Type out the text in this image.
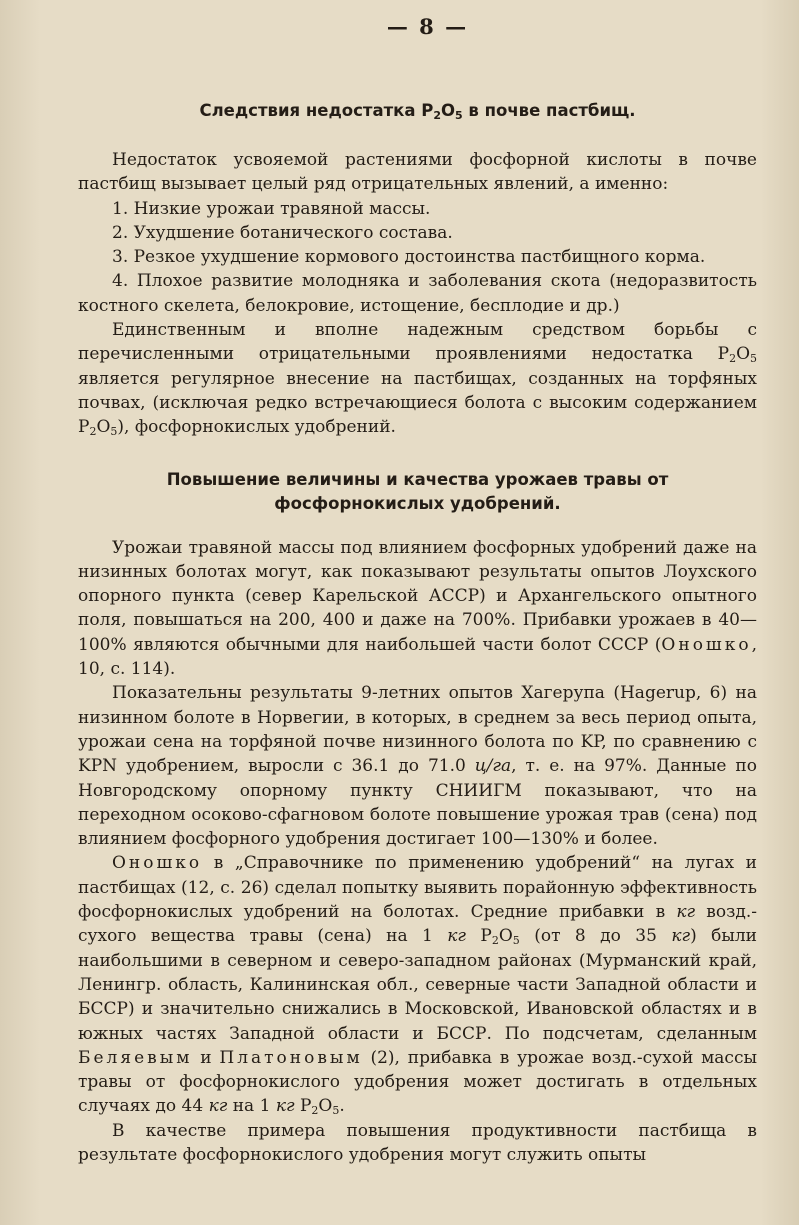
— 8 —
Следствия недостатка $P_2O_5$ в почве пастбищ.

Недостаток усвояемой растениями фосфорной кислоты в почве пастбищ вызывает целый ряд отрицательных явлений, а именно:

1. Низкие урожаи травяной массы.

2. Ухудшение ботанического состава.

3. Резкое ухудшение кормового достоинства пастбищного корма.

4. Плохое развитие молодняка и заболевания скота (недоразвитость костного скелета, белокровие, истощение, бесплодие и др.)

Единственным и вполне надежным средством борьбы с перечисленными отрицательными проявлениями недостатка $P_2O_5$ является регулярное внесение на пастбищах, созданных на торфяных почвах, (исключая редко встречающиеся болота с высоким содержанием $P_2O_5$), фосфорнокислых удобрений.

Повышение величины и качества урожаев травы от
фосфорнокислых удобрений.

Урожаи травяной массы под влиянием фосфорных удобрений даже на низинных болотах могут, как показывают результаты опытов Лоухского опорного пункта (север Карельской АССР) и Архангельского опытного поля, повышаться на 200, 400 и даже на 700%. Прибавки урожаев в 40—100% являются обычными для наибольшей части болот СССР (Онoшко, 10, с. 114).

Показательны результаты 9-летних опытов Хагерупа (Hagerup, 6) на низинном болоте в Норвегии, в которых, в среднем за весь период опыта, урожаи сена на торфяной почве низинного болота по KP, по сравнению с KPN удобрением, выросли с 36.1 до 71.0 ц/га, т. е. на 97%. Данные по Новгородскому опорному пункту СНИИГМ показывают, что на переходном осоково-сфагновом болоте повышение урожая трав (сена) под влиянием фосфорного удобрения достигает 100—130% и более.

Онoшко в „Справочнике по применению удобрений“ на лугах и пастбищах (12, с. 26) сделал попытку выявить порайонную эффективность фосфорнокислых удобрений на болотах. Средние прибавки в кг возд.-сухого вещества травы (сена) на 1 кг $P_2O_5$ (от 8 до 35 кг) были наибольшими в северном и северо-западном районах (Мурманский край, Ленингр. область, Калининская обл., северные части Западной области и БССР) и значительно снижались в Московской, Ивановской областях и в южных частях Западной области и БССР. По подсчетам, сделанным Беляевым и Платоновым (2), прибавка в урожае возд.-сухой массы травы от фосфорнокислого удобрения может достигать в отдельных случаях до 44 кг на 1 кг $P_2O_5$.

В качестве примера повышения продуктивности пастбища в результате фосфорнокислого удобрения могут служить опыты
